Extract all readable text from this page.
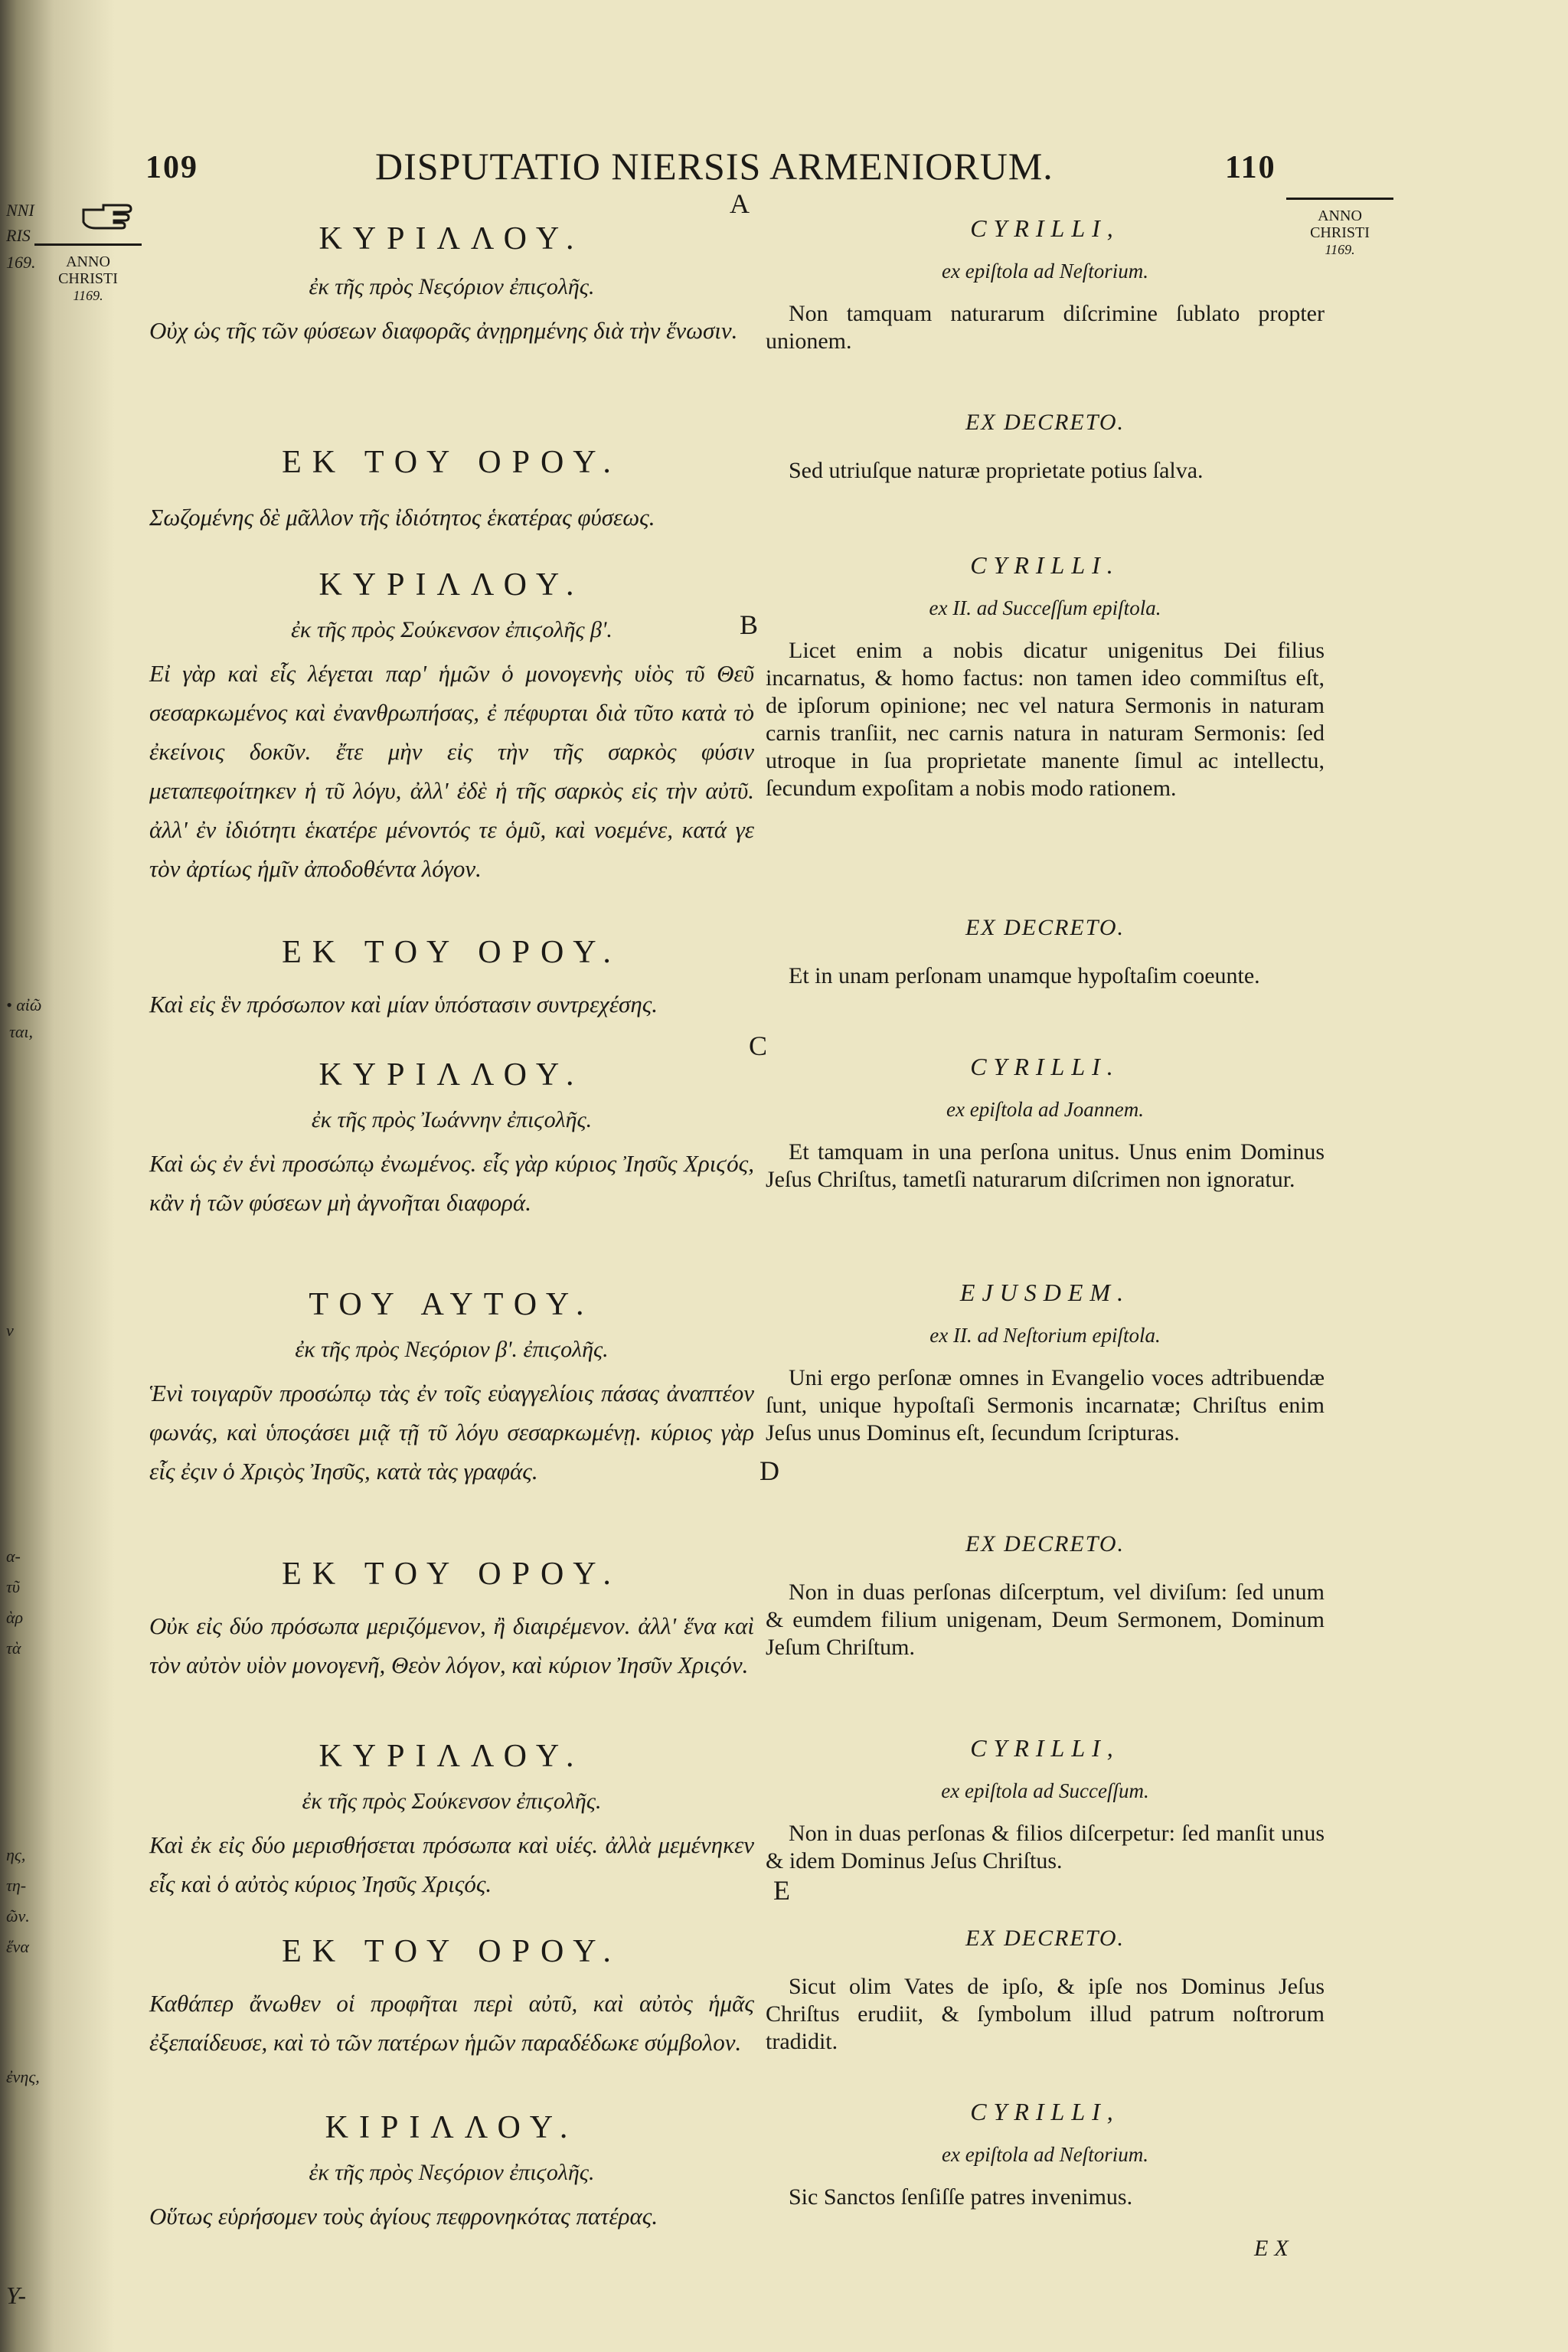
NNI
RIS
169.
• αἰῶ
ται,
ν
α-
τῦ
ὰρ
τὰ
ης,
τη-
ῶν.
ἕνα
ἐνης,
Υ-
109	DISPUTATIO NIERSIS ARMENIORUM.	110
ANNO
CHRISTI
1169.
ANNO
CHRISTI
1169.
A
B
C
D
E
ΚΥΡΙΛΛΟΥ.
ἐκ τῆς πρὸς Νεϛόριον ἐπιϛολῆς.
Οὐχ ὡς τῆς τῶν φύσεων διαφορᾶς ἀνῃρημένης διὰ τὴν ἕνωσιν.
ΕΚ ΤΟΥ ΟΡΟΥ.
Σωζομένης δὲ μᾶλλον τῆς ἰδιότητος ἑκατέρας φύσεως.
ΚΥΡΙΛΛΟΥ.
ἐκ τῆς πρὸς Σούκενσον ἐπιϛολῆς β'.
Εἰ γὰρ καὶ εἷς λέγεται παρ' ἡμῶν ὁ μονογενὴς υἱὸς τῦ Θεῦ σεσαρκωμένος καὶ ἐνανθρωπήσας, ἐ πέφυρται διὰ τῦτο κατὰ τὸ ἐκείνοις δοκῦν. ἔτε μὴν εἰς τὴν τῆς σαρκὸς φύσιν μεταπεφοίτηκεν ἡ τῦ λόγυ, ἀλλ' ἐδὲ ἡ τῆς σαρκὸς εἰς τὴν αὐτῦ. ἀλλ' ἐν ἰδιότητι ἑκατέρε μένοντός τε ὁμῦ, καὶ νοεμένε, κατά γε τὸν ἀρτίως ἡμῖν ἀποδοθέντα λόγον.
ΕΚ ΤΟΥ ΟΡΟΥ.
Καὶ εἰς ἓν πρόσωπον καὶ μίαν ὑπόστασιν συντρεχέσης.
ΚΥΡΙΛΛΟΥ.
ἐκ τῆς πρὸς Ἰωάννην ἐπιϛολῆς.
Καὶ ὡς ἐν ἑνὶ προσώπῳ ἐνωμένος. εἷς γὰρ κύριος Ἰησῦς Χριϛός, κἂν ἡ τῶν φύσεων μὴ ἀγνοῆται διαφορά.
ΤΟΥ ΑΥΤΟΥ.
ἐκ τῆς πρὸς Νεϛόριον β'. ἐπιϛολῆς.
Ἑνὶ τοιγαρῦν προσώπῳ τὰς ἐν τοῖς εὐαγγελίοις πάσας ἀναπτέον φωνάς, καὶ ὑποςάσει μιᾷ τῇ τῦ λόγυ σεσαρκωμένῃ. κύριος γὰρ εἷς ἐςιν ὁ Χριςὸς Ἰησῦς, κατὰ τὰς γραφάς.
ΕΚ ΤΟΥ ΟΡΟΥ.
Οὐκ εἰς δύο πρόσωπα μεριζόμενον, ἢ διαιρέμενον. ἀλλ' ἕνα καὶ τὸν αὐτὸν υἱὸν μονογενῆ, Θεὸν λόγον, καὶ κύριον Ἰησῦν Χριςόν.
ΚΥΡΙΛΛΟΥ.
ἐκ τῆς πρὸς Σούκενσον ἐπιϛολῆς.
Καὶ ἐκ εἰς δύο μερισθήσεται πρόσωπα καὶ υἱές. ἀλλὰ μεμένηκεν εἷς καὶ ὁ αὐτὸς κύριος Ἰησῦς Χριςός.
ΕΚ ΤΟΥ ΟΡΟΥ.
Καθάπερ ἄνωθεν οἱ προφῆται περὶ αὐτῦ, καὶ αὐτὸς ἡμᾶς ἐξεπαίδευσε, καὶ τὸ τῶν πατέρων ἡμῶν παραδέδωκε σύμβολον.
ΚΙΡΙΛΛΟΥ.
ἐκ τῆς πρὸς Νεϛόριον ἐπιϛολῆς.
Οὕτως εὑρήσομεν τοὺς ἁγίους πεφρονηκότας πατέρας.
CYRILLI,
ex epiſtola ad Neſtorium.
Non tamquam naturarum diſcrimine ſublato propter unionem.
EX DECRETO.
Sed utriuſque naturæ proprietate potius ſalva.
CYRILLI.
ex II. ad Succeſſum epiſtola.
Licet enim a nobis dicatur unigenitus Dei filius incarnatus, & homo factus: non tamen ideo commiſtus eſt, de ipſorum opinione; nec vel natura Sermonis in naturam carnis tranſiit, nec carnis natura in naturam Sermonis: ſed utroque in ſua proprietate manente ſimul ac intellectu, ſecundum expoſitam a nobis modo rationem.
EX DECRETO.
Et in unam perſonam unamque hypoſtaſim coeunte.
CYRILLI.
ex epiſtola ad Joannem.
Et tamquam in una perſona unitus. Unus enim Dominus Jeſus Chriſtus, tametſi naturarum diſcrimen non ignoratur.
EJUSDEM.
ex II. ad Neſtorium epiſtola.
Uni ergo perſonæ omnes in Evangelio voces adtribuendæ ſunt, unique hypoſtaſi Sermonis incarnatæ; Chriſtus enim Jeſus unus Dominus eſt, ſecundum ſcripturas.
EX DECRETO.
Non in duas perſonas diſcerptum, vel diviſum: ſed unum & eumdem filium unigenam, Deum Sermonem, Dominum Jeſum Chriſtum.
CYRILLI,
ex epiſtola ad Succeſſum.
Non in duas perſonas & filios diſcerpetur: ſed manſit unus & idem Dominus Jeſus Chriſtus.
EX DECRETO.
Sicut olim Vates de ipſo, & ipſe nos Dominus Jeſus Chriſtus erudiit, & ſymbolum illud patrum noſtrorum tradidit.
CYRILLI,
ex epiſtola ad Neſtorium.
Sic Sanctos ſenſiſſe patres invenimus.
EX
